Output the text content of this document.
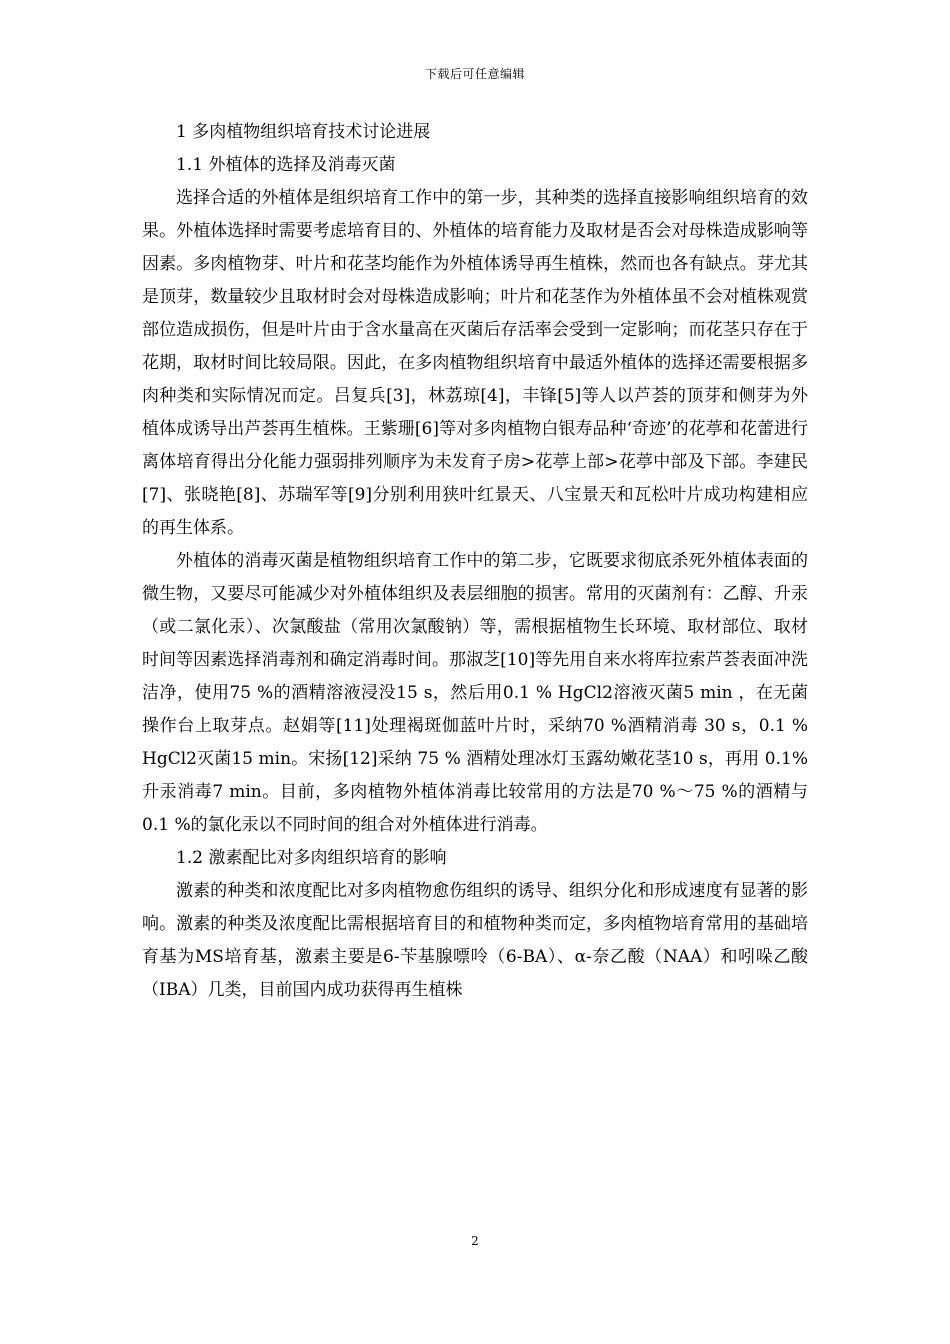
下载后可任意编辑

1 多肉植物组织培育技术讨论进展

1.1 外植体的选择及消毒灭菌

选择合适的外植体是组织培育工作中的第一步，其种类的选择直接影响组织培育的效果。外植体选择时需要考虑培育目的、外植体的培育能力及取材是否会对母株造成影响等因素。多肉植物芽、叶片和花茎均能作为外植体诱导再生植株，然而也各有缺点。芽尤其是顶芽，数量较少且取材时会对母株造成影响；叶片和花茎作为外植体虽不会对植株观赏部位造成损伤，但是叶片由于含水量高在灭菌后存活率会受到一定影响；而花茎只存在于花期，取材时间比较局限。因此，在多肉植物组织培育中最适外植体的选择还需要根据多肉种类和实际情况而定。吕复兵[3]，林荔琼[4]，丰锋[5]等人以芦荟的顶芽和侧芽为外植体成诱导出芦荟再生植株。王紫珊[6]等对多肉植物白银寿品种‘奇迹’的花葶和花蕾进行离体培育得出分化能力强弱排列顺序为未发育子房>花葶上部>花葶中部及下部。李建民[7]、张晓艳[8]、苏瑞军等[9]分别利用狭叶红景天、八宝景天和瓦松叶片成功构建相应的再生体系。

外植体的消毒灭菌是植物组织培育工作中的第二步，它既要求彻底杀死外植体表面的微生物，又要尽可能减少对外植体组织及表层细胞的损害。常用的灭菌剂有：乙醇、升汞（或二氯化汞）、次氯酸盐（常用次氯酸钠）等，需根据植物生长环境、取材部位、取材时间等因素选择消毒剂和确定消毒时间。那淑芝[10]等先用自来水将库拉索芦荟表面冲洗洁净，使用75 %的酒精溶液浸没15 s，然后用0.1 % HgCl2溶液灭菌5 min ，在无菌操作台上取芽点。赵娟等[11]处理褐斑伽蓝叶片时，采纳70 %酒精消毒 30 s，0.1 % HgCl2灭菌15 min。宋扬[12]采纳 75 % 酒精处理冰灯玉露幼嫩花茎10 s，再用 0.1%升汞消毒7 min。目前，多肉植物外植体消毒比较常用的方法是70 %～75 %的酒精与0.1 %的氯化汞以不同时间的组合对外植体进行消毒。

1.2 激素配比对多肉组织培育的影响

激素的种类和浓度配比对多肉植物愈伤组织的诱导、组织分化和形成速度有显著的影响。激素的种类及浓度配比需根据培育目的和植物种类而定，多肉植物培育常用的基础培育基为MS培育基，激素主要是6-苄基腺嘌呤（6-BA）、α-奈乙酸（NAA）和吲哚乙酸（IBA）几类，目前国内成功获得再生植株

2
